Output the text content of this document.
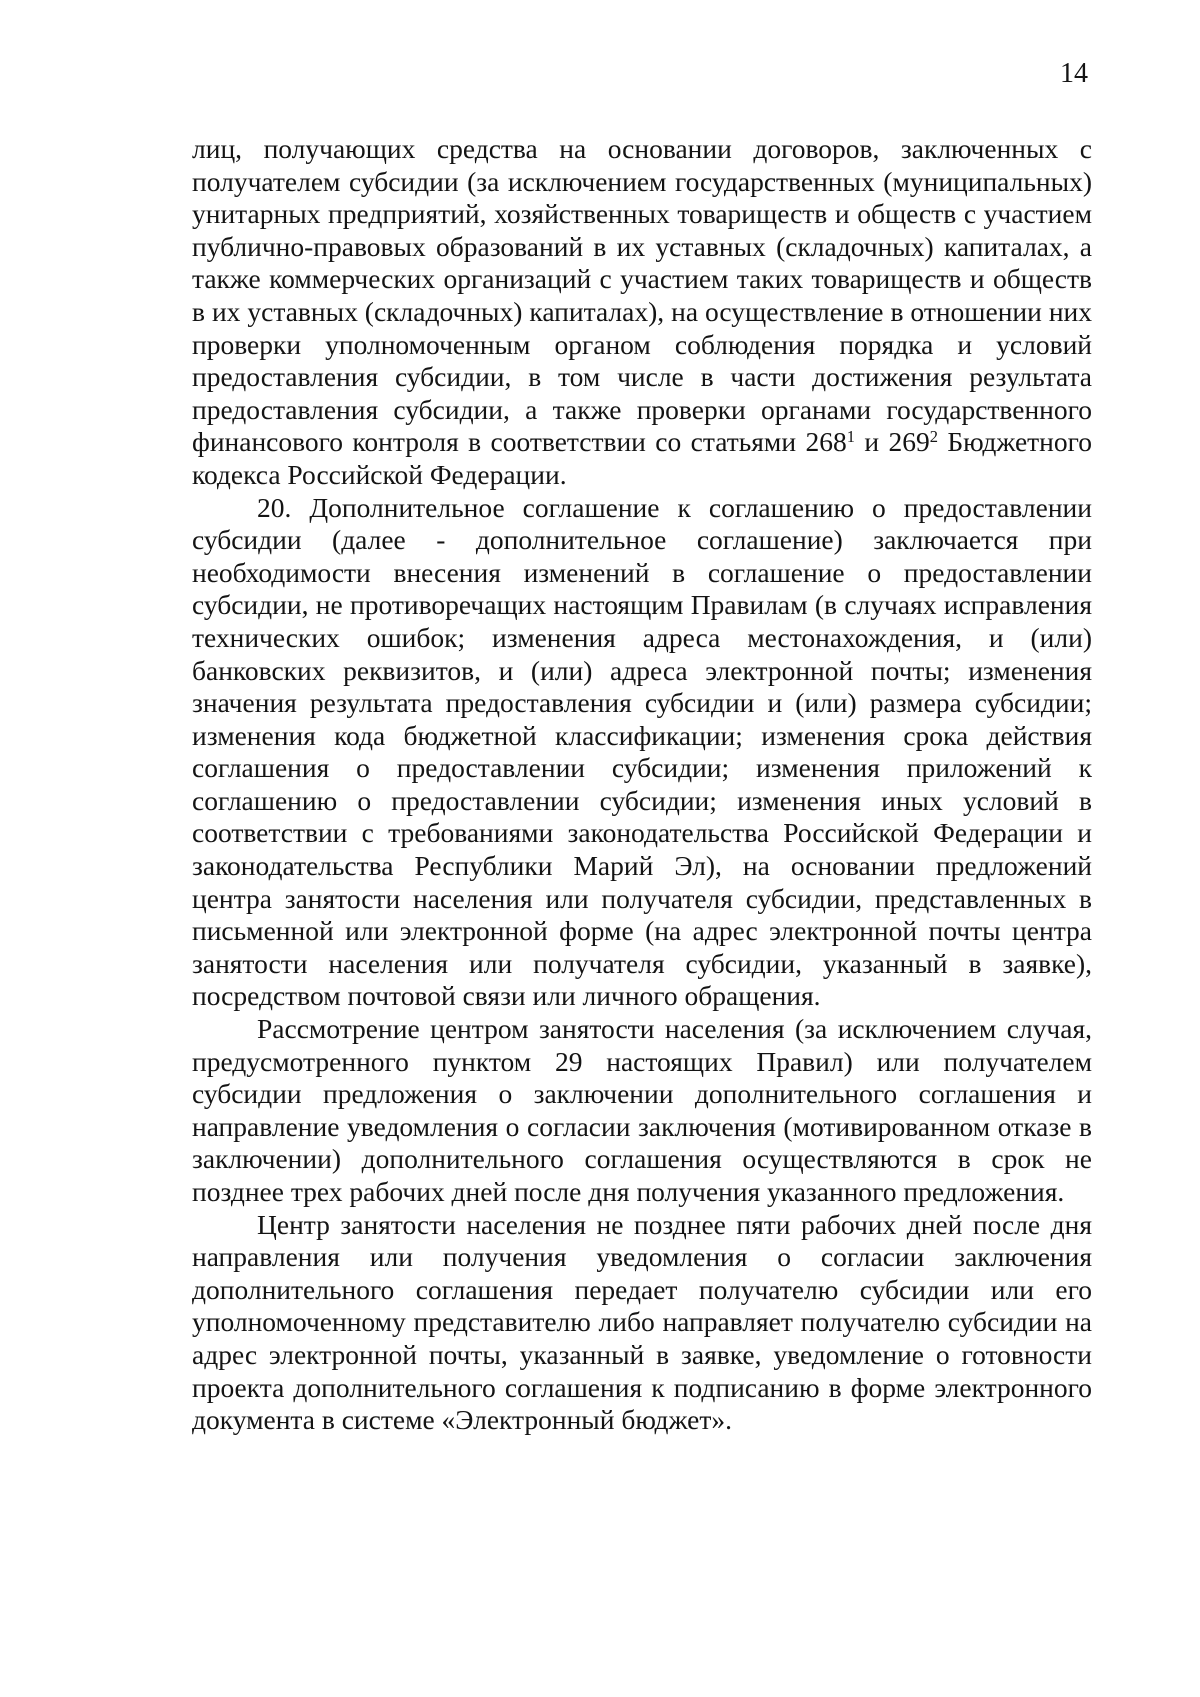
14

лиц, получающих средства на основании договоров, заключенных с получателем субсидии (за исключением государственных (муниципальных) унитарных предприятий, хозяйственных товариществ и обществ с участием публично-правовых образований в их уставных (складочных) капиталах, а также коммерческих организаций с участием таких товариществ и обществ в их уставных (складочных) капиталах), на осуществление в отношении них проверки уполномоченным органом соблюдения порядка и условий предоставления субсидии, в том числе в части достижения результата предоставления субсидии, а также проверки органами государственного финансового контроля в соответствии со статьями $268^1$ и $269^2$ Бюджетного кодекса Российской Федерации.

20. Дополнительное соглашение к соглашению о предоставлении субсидии (далее - дополнительное соглашение) заключается при необходимости внесения изменений в соглашение о предоставлении субсидии, не противоречащих настоящим Правилам (в случаях исправления технических ошибок; изменения адреса местонахождения, и (или) банковских реквизитов, и (или) адреса электронной почты; изменения значения результата предоставления субсидии и (или) размера субсидии; изменения кода бюджетной классификации; изменения срока действия соглашения о предоставлении субсидии; изменения приложений к соглашению о предоставлении субсидии; изменения иных условий в соответствии с требованиями законодательства Российской Федерации и законодательства Республики Марий Эл), на основании предложений центра занятости населения или получателя субсидии, представленных в письменной или электронной форме (на адрес электронной почты центра занятости населения или получателя субсидии, указанный в заявке), посредством почтовой связи или личного обращения.

Рассмотрение центром занятости населения (за исключением случая, предусмотренного пунктом 29 настоящих Правил) или получателем субсидии предложения о заключении дополнительного соглашения и направление уведомления о согласии заключения (мотивированном отказе в заключении) дополнительного соглашения осуществляются в срок не позднее трех рабочих дней после дня получения указанного предложения.

Центр занятости населения не позднее пяти рабочих дней после дня направления или получения уведомления о согласии заключения дополнительного соглашения передает получателю субсидии или его уполномоченному представителю либо направляет получателю субсидии на адрес электронной почты, указанный в заявке, уведомление о готовности проекта дополнительного соглашения к подписанию в форме электронного документа в системе «Электронный бюджет».
